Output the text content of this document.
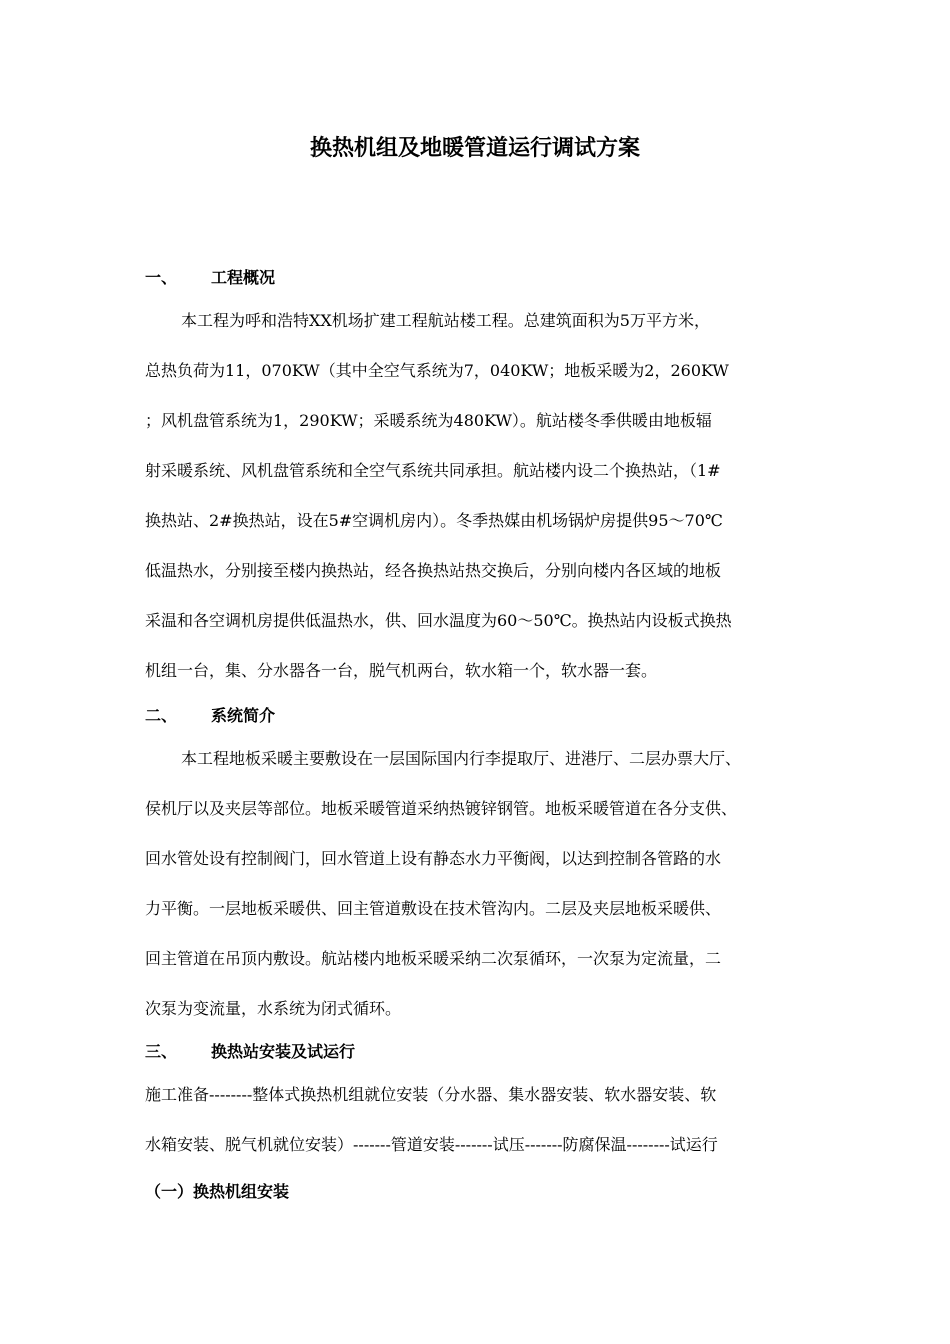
换热机组及地暖管道运行调试方案
一、 工程概况
本工程为呼和浩特XX机场扩建工程航站楼工程。总建筑面积为5万平方米，
总热负荷为11，070KW（其中全空气系统为7，040KW；地板采暖为2，260KW
；风机盘管系统为1，290KW；采暖系统为480KW）。航站楼冬季供暖由地板辐
射采暖系统、风机盘管系统和全空气系统共同承担。航站楼内设二个换热站，（1#
换热站、2#换热站，设在5#空调机房内）。冬季热媒由机场锅炉房提供95～70℃
低温热水，分别接至楼内换热站，经各换热站热交换后，分别向楼内各区域的地板
采温和各空调机房提供低温热水，供、回水温度为60～50℃。换热站内设板式换热
机组一台，集、分水器各一台，脱气机两台，软水箱一个，软水器一套。
二、 系统简介
本工程地板采暖主要敷设在一层国际国内行李提取厅、进港厅、二层办票大厅、
侯机厅以及夹层等部位。地板采暖管道采纳热镀锌钢管。地板采暖管道在各分支供、
回水管处设有控制阀门，回水管道上设有静态水力平衡阀，以达到控制各管路的水
力平衡。一层地板采暖供、回主管道敷设在技术管沟内。二层及夹层地板采暖供、
回主管道在吊顶内敷设。航站楼内地板采暖采纳二次泵循环，一次泵为定流量，二
次泵为变流量，水系统为闭式循环。
三、 换热站安装及试运行
施工准备--------整体式换热机组就位安装（分水器、集水器安装、软水器安装、软
水箱安装、脱气机就位安装）-------管道安装-------试压-------防腐保温--------试运行
（一）换热机组安装
